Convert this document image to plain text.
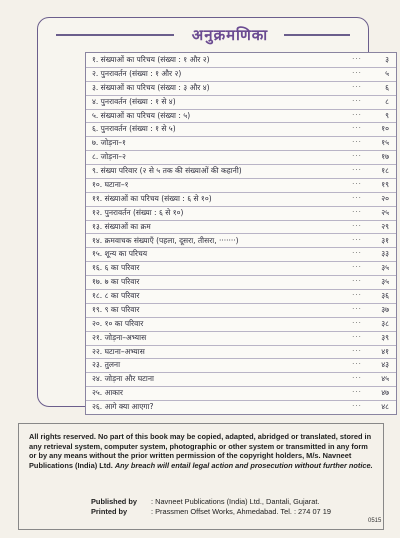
अनुक्रमणिका
१. संख्याओं का परिचय (संख्या : १ और २)	···	३
२. पुनरावर्तन (संख्या : १ और २)	···	५
३. संख्याओं का परिचय (संख्या : ३ और ४)	···	६
४. पुनरावर्तन (संख्या : १ से ४)	···	८
५. संख्याओं का परिचय (संख्या : ५)	···	९
६. पुनरावर्तन (संख्या : १ से ५)	···	१०
७. जोड़ना–१	···	१५
८. जोड़ना–२	···	१७
९. संख्या परिवार (२ से ५ तक की संख्याओं की कहानी)	···	१८
१०. घटाना–१	···	१९
११. संख्याओं का परिचय (संख्या : ६ से १०)	···	२०
१२. पुनरावर्तन (संख्या : ६ से १०)	···	२५
१३. संख्याओं का क्रम	···	२९
१४. क्रमवाचक संख्याएँ (पहला, दूसरा, तीसरा, ·······)	···	३१
१५. शून्य का परिचय	···	३३
१६. ६ का परिवार	···	३५
१७. ७ का परिवार	···	३५
१८. ८ का परिवार	···	३६
१९. ९ का परिवार	···	३७
२०. १० का परिवार	···	३८
२१. जोड़ना–अभ्यास	···	३९
२२. घटाना–अभ्यास	···	४१
२३. तुलना	···	४३
२४. जोड़ना और घटाना	···	४५
२५. आकार	···	४७
२६. आगे क्या आएगा?	···	४८
All rights reserved. No part of this book may be copied, adapted, abridged or translated, stored in any retrieval system, computer system, photographic or other system or transmitted in any form or by any means without the prior written permission of the copyright holders, M/s. Navneet Publications (India) Ltd. Any breach will entail legal action and prosecution without further notice.
Published by : Navneet Publications (India) Ltd., Dantali, Gujarat.
Printed by	: Prassmen Offset Works, Ahmedabad. Tel. : 274 07 19
0515
